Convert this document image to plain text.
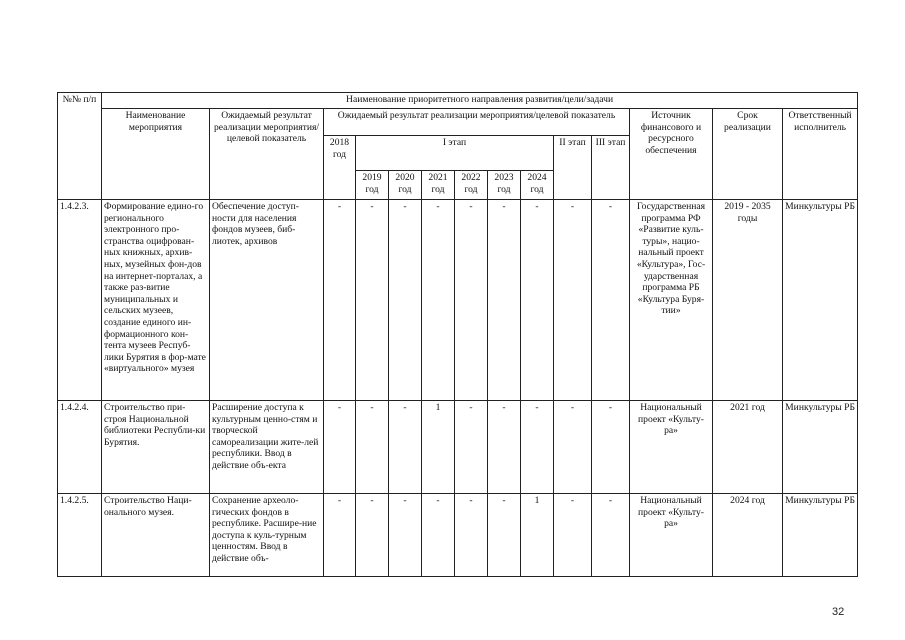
№№ п/п	Наименование приоритетного направления развития/цели/задачи													
	Наименование мероприятия	Ожидаемый результат реализации мероприятия/целевой показатель	Ожидаемый результат реализации мероприятия/целевой показатель									Источник финансового и ресурсного обеспечения	Срок реализации	Ответственный исполнитель
			2018 год	I этап						II этап	III этап			
				2019 год	2020 год	2021 год	2022 год	2023 год	2024 год					
1.4.2.3.	Формирование едино-го регионального электронного про-странства оцифрован-ных книжных, архив-ных, музейных фон-дов на интернет-порталах, а также раз-витие муниципальных и сельских музеев, создание единого ин-формационного кон-тента музеев Респуб-лики Бурятия в фор-мате «виртуального» музея	Обеспечение доступ-ности для населения фондов музеев, биб-лиотек, архивов	-	-	-	-	-	-	-	-	-	Государственная программа РФ «Развитие куль-туры», нацио-нальный проект «Культура», Гос-ударственная программа РБ «Культура Буря-тии»	2019 - 2035 годы	Минкультуры РБ
1.4.2.4.	Строительство при-строя Национальной библиотеки Республи-ки Бурятия.	Расширение доступа к культурным ценно-стям и творческой самореализации жите-лей республики. Ввод в действие объ-екта	-	-	-	1	-	-	-	-	-	Национальный проект «Культу-ра»	2021 год	Минкультуры РБ
1.4.2.5.	Строительство Наци-онального музея.	Сохранение археоло-гических фондов в республике. Расшире-ние доступа к куль-турным ценностям. Ввод в действие объ-	-	-	-	-	-	-	1	-	-	Национальный проект «Культу-ра»	2024 год	Минкультуры РБ
32
